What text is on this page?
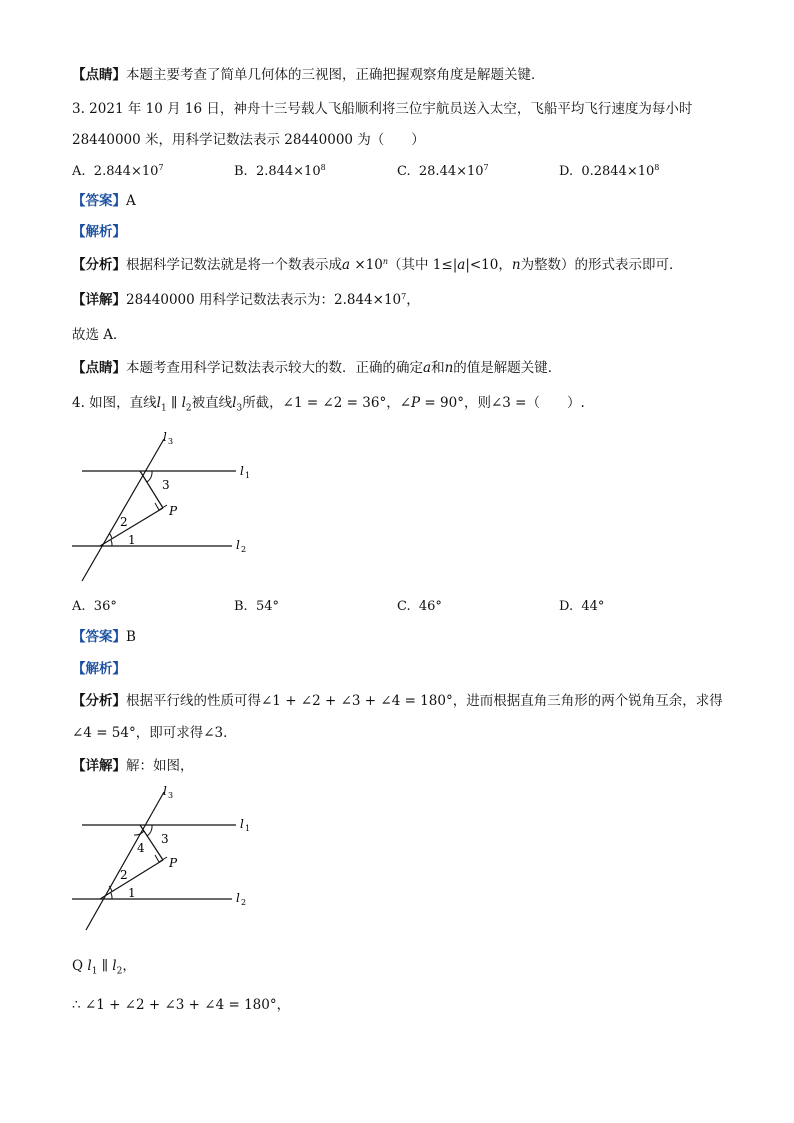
【点睛】本题主要考查了简单几何体的三视图，正确把握观察角度是解题关键．
3. 2021 年 10 月 16 日，神舟十三号载人飞船顺利将三位宇航员送入太空，飞船平均飞行速度为每小时
28440000 米，用科学记数法表示 28440000 为（　　）
A. $2.844\times 10^7$	B. $2.844\times 10^8$	C. $28.44\times 10^7$	D. $0.2844\times 10^8$
【答案】A
【解析】
【分析】根据科学记数法就是将一个数表示成$a \times 10^n$（其中 1≤|a|<10，n为整数）的形式表示即可．
【详解】28440000 用科学记数法表示为：$2.844\times 10^7$，
故选 A．
【点睛】本题考查用科学记数法表示较大的数．正确的确定a和n的值是解题关键．
4. 如图，直线$l_1$ ∥ $l_2$被直线$l_3$所截，∠1 = ∠2 = 36°，∠P = 90°，则∠3 =（　　）.
l 3
l 1
l 2
3
P
2
1
A. 36°	B. 54°	C. 46°	D. 44°
【答案】B
【解析】
【分析】根据平行线的性质可得∠1 + ∠2 + ∠3 + ∠4 = 180°，进而根据直角三角形的两个锐角互余，求得
∠4 = 54°，即可求得∠3．
【详解】解：如图，
l 3
l 1
l 2
3
4
P
2
1
Q $l_1$ ∥ $l_2$，
∴ ∠1 + ∠2 + ∠3 + ∠4 = 180°，
